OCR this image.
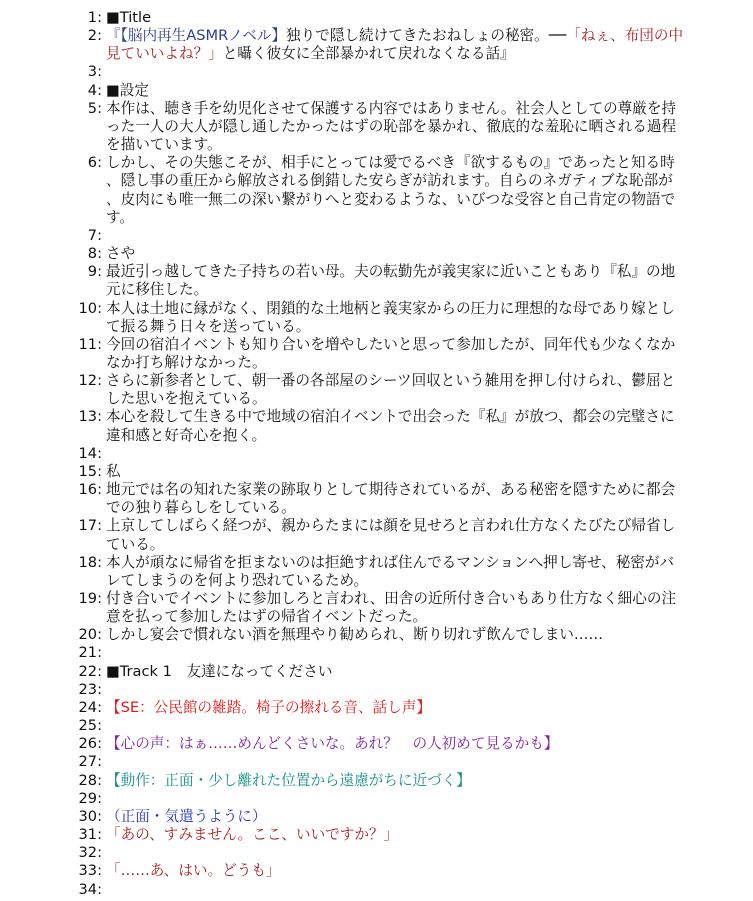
1: ■Title
2: 『【脳内再生ASMRノベル】独りで隠し続けてきたおねしょの秘密。──「ねぇ、布団の中見ていいよね？」と囁く彼女に全部暴かれて戻れなくなる話』
3:
4: ■設定
5: 本作は、聴き手を幼児化させて保護する内容ではありません。社会人としての尊厳を持った一人の大人が隠し通したかったはずの恥部を暴かれ、徹底的な羞恥に晒される過程を描いています。
6: しかし、その失態こそが、相手にとっては愛でるべき『欲するもの』であったと知る時、隠し事の重圧から解放される倒錯した安らぎが訪れます。自らのネガティブな恥部が、皮肉にも唯一無二の深い繋がりへと変わるような、いびつな受容と自己肯定の物語です。
7:
8: さや
9: 最近引っ越してきた子持ちの若い母。夫の転勤先が義実家に近いこともあり『私』の地元に移住した。
10: 本人は土地に縁がなく、閉鎖的な土地柄と義実家からの圧力に理想的な母であり嫁として振る舞う日々を送っている。
11: 今回の宿泊イベントも知り合いを増やしたいと思って参加したが、同年代も少なくなかなか打ち解けなかった。
12: さらに新参者として、朝一番の各部屋のシーツ回収という雑用を押し付けられ、鬱屈とした思いを抱えている。
13: 本心を殺して生きる中で地域の宿泊イベントで出会った『私』が放つ、都会の完璧さに違和感と好奇心を抱く。
14:
15: 私
16: 地元では名の知れた家業の跡取りとして期待されているが、ある秘密を隠すために都会での独り暮らしをしている。
17: 上京してしばらく経つが、親からたまには顔を見せろと言われ仕方なくたびたび帰省している。
18: 本人が頑なに帰省を拒まないのは拒絶すれば住んでるマンションへ押し寄せ、秘密がバレてしまうのを何より恐れているため。
19: 付き合いでイベントに参加しろと言われ、田舎の近所付き合いもあり仕方なく細心の注意を払って参加したはずの帰省イベントだった。
20: しかし宴会で慣れない酒を無理やり勧められ、断り切れず飲んでしまい……
21:
22: ■Track 1　友達になってください
23:
24: 【SE：公民館の雑踏。椅子の擦れる音、話し声】
25:
26: 【心の声：はぁ……めんどくさいな。あれ？　の人初めて見るかも】
27:
28: 【動作：正面・少し離れた位置から遠慮がちに近づく】
29:
30: （正面・気遣うように）
31: 「あの、すみません。ここ、いいですか？」
32:
33: 「……あ、はい。どうも」
34:
